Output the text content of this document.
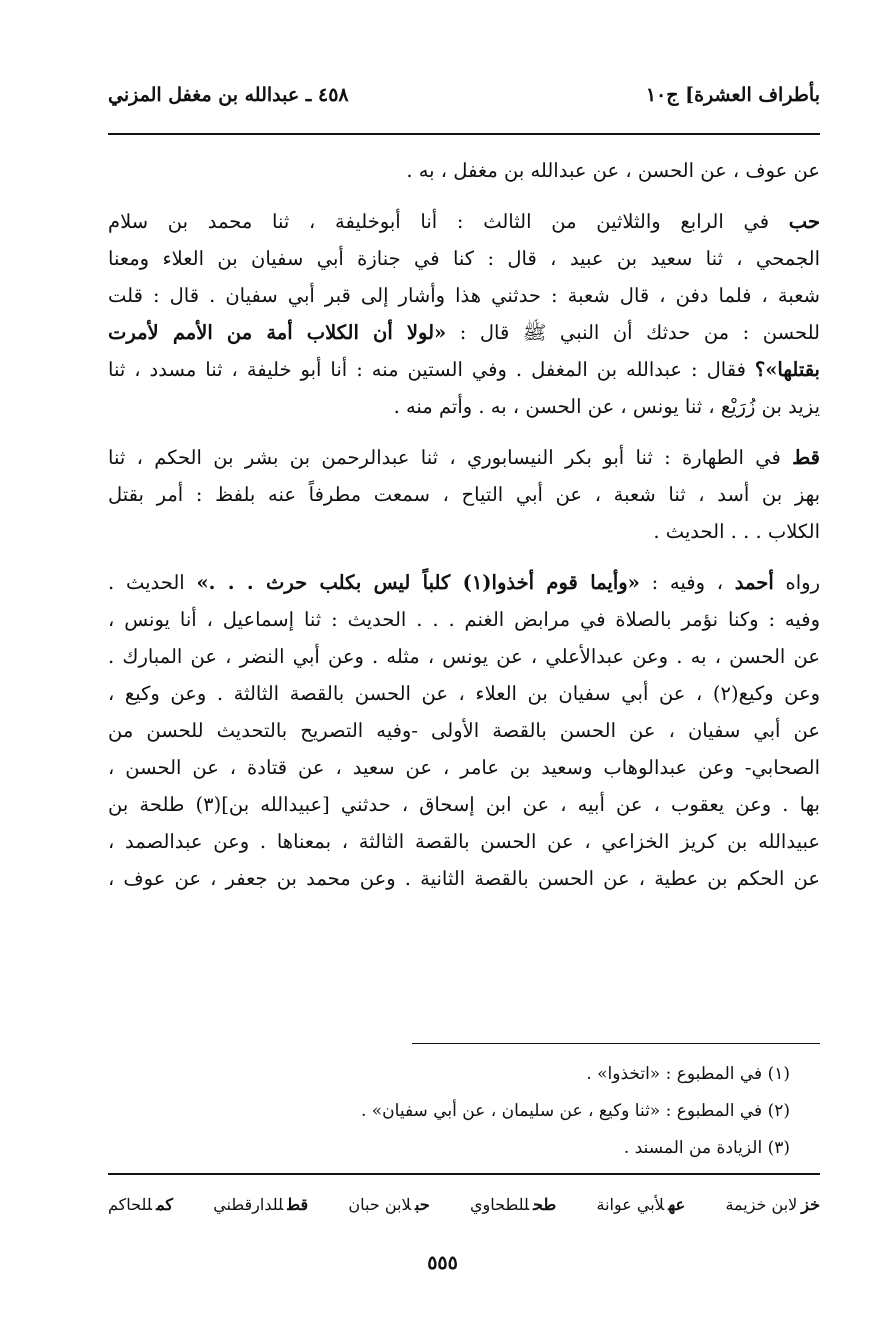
بأطراف العشرة] ج١٠
٤٥٨ ـ عبدالله بن مغفل المزني
عن عوف ، عن الحسن ، عن عبدالله بن مغفل ، به .
حب في الرابع والثلاثين من الثالث : أنا أبوخليفة ، ثنا محمد بن سلام
الجمحي ، ثنا سعيد بن عبيد ، قال : كنا في جنازة أبي سفيان بن العلاء ومعنا
شعبة ، فلما دفن ، قال شعبة : حدثني هذا وأشار إلى قبر أبي سفيان . قال : قلت
للحسن : من حدثك أن النبي ﷺ قال : «لولا أن الكلاب أمة من الأمم لأمرت
بقتلها»؟ فقال : عبدالله بن المغفل . وفي الستين منه : أنا أبو خليفة ، ثنا مسدد ، ثنا
يزيد بن زُرَيْع ، ثنا يونس ، عن الحسن ، به . وأتم منه .
قط في الطهارة : ثنا أبو بكر النيسابوري ، ثنا عبدالرحمن بن بشر بن الحكم ، ثنا
بهز بن أسد ، ثنا شعبة ، عن أبي التياح ، سمعت مطرفاً عنه بلفظ : أمر بقتل
الكلاب . . . الحديث .
رواه أحمد ، وفيه : «وأيما قوم أخذوا(١) كلباً ليس بكلب حرث . . .» الحديث .
وفيه : وكنا نؤمر بالصلاة في مرابض الغنم . . . الحديث : ثنا إسماعيل ، أنا يونس ،
عن الحسن ، به . وعن عبدالأعلي ، عن يونس ، مثله . وعن أبي النضر ، عن المبارك .
وعن وكيع(٢) ، عن أبي سفيان بن العلاء ، عن الحسن بالقصة الثالثة . وعن وكيع ،
عن أبي سفيان ، عن الحسن بالقصة الأولى -وفيه التصريح بالتحديث للحسن من
الصحابي- وعن عبدالوهاب وسعيد بن عامر ، عن سعيد ، عن قتادة ، عن الحسن ،
بها . وعن يعقوب ، عن أبيه ، عن ابن إسحاق ، حدثني [عبيدالله بن](٣) طلحة بن
عبيدالله بن كريز الخزاعي ، عن الحسن بالقصة الثالثة ، بمعناها . وعن عبدالصمد ،
عن الحكم بن عطية ، عن الحسن بالقصة الثانية . وعن محمد بن جعفر ، عن عوف ،
(١) في المطبوع : «اتخذوا» .
(٢) في المطبوع : «ثنا وكيع ، عن سليمان ، عن أبي سفيان» .
(٣) الزيادة من المسند .
خزلابن خزيمة
عهلأبي عوانة
طحللطحاوي
حبلابن حبان
قطللدارقطني
كمللحاكم
٥٥٥
